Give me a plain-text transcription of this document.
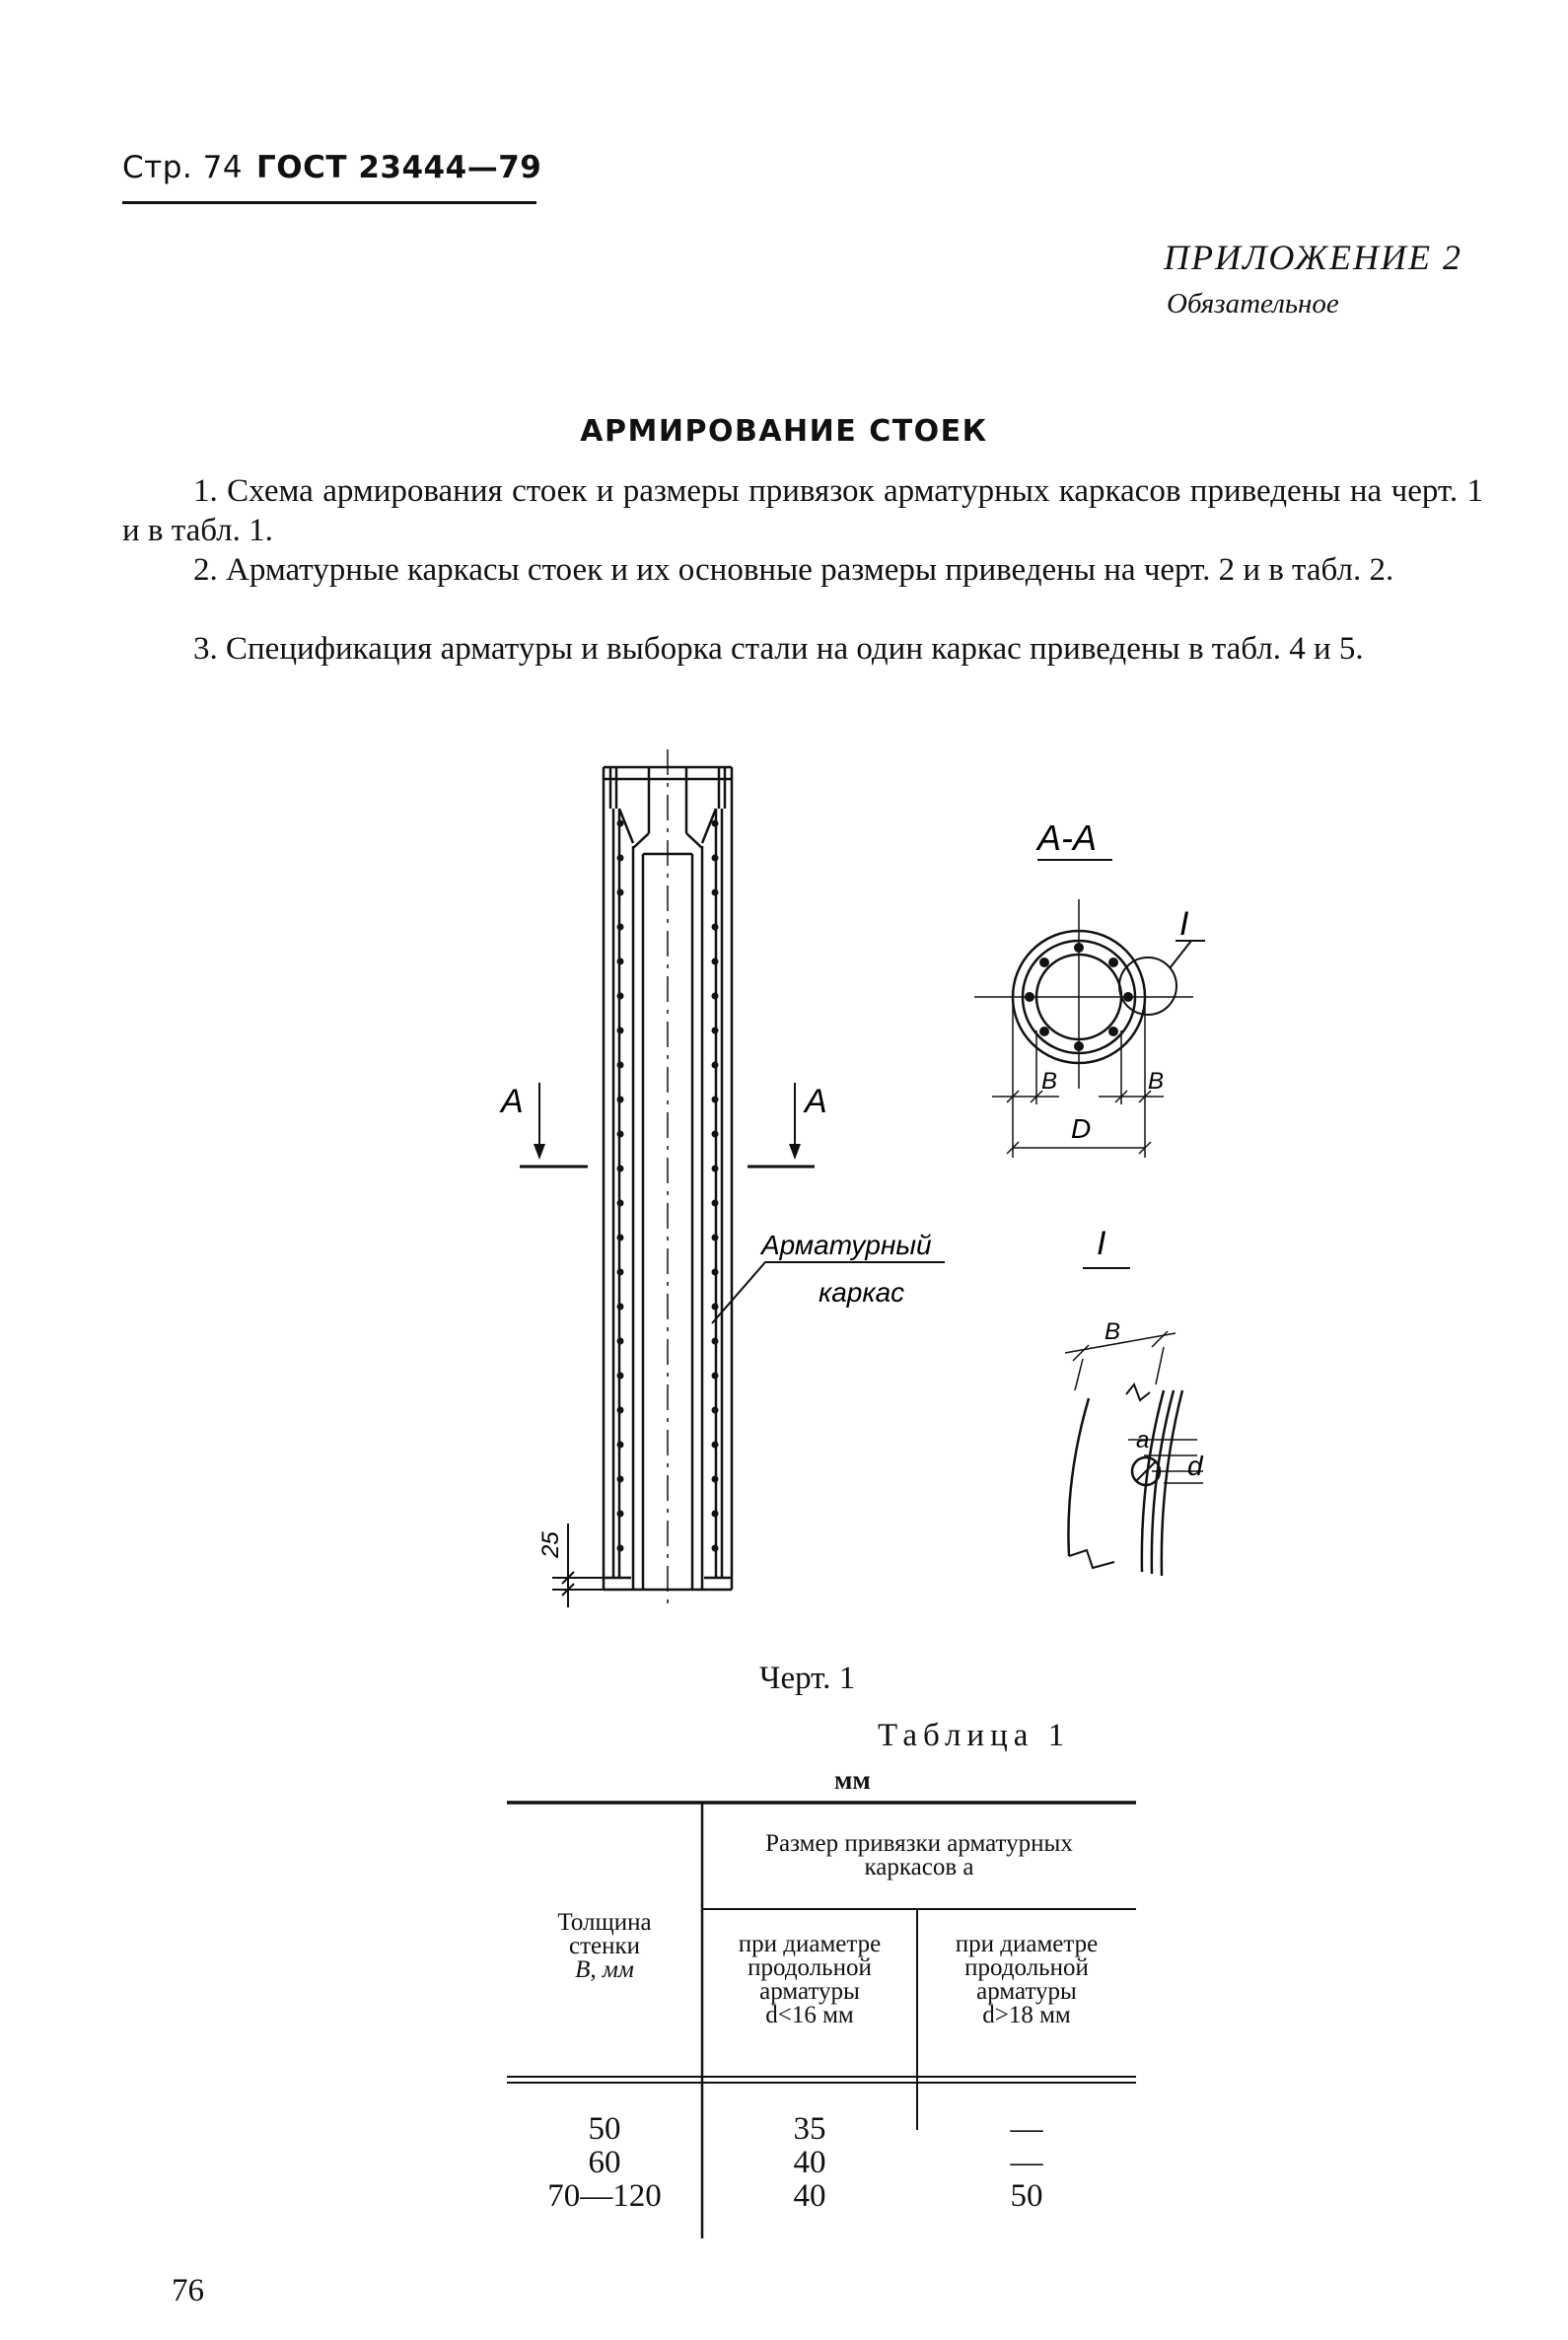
Стр. 74 ГОСТ 23444—79
ПРИЛОЖЕНИЕ 2
Обязательное
АРМИРОВАНИЕ СТОЕК
1. Схема армирования стоек и размеры привязок арматурных каркасов приведены на черт. 1 и в табл. 1.
2. Арматурные каркасы стоек и их основные размеры приведены на черт. 2 и в табл. 2.
3. Спецификация арматуры и выборка стали на один каркас приведены в табл. 4 и 5.
A	A
Арматурный
каркас
25
A-A
I
B	B
D
I
B
a
d
Черт. 1
Таблица 1
мм
Толщина
стенки
B, мм
Размер привязки арматурных
каркасов a
при диаметре
продольной
арматуры
d<16 мм
при диаметре
продольной
арматуры
d>18 мм
50
60
70—120
35
40
40
—
—
50
76
